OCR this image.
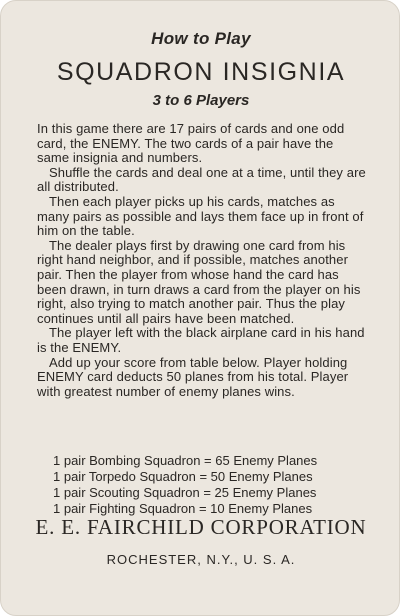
How to Play
SQUADRON INSIGNIA
3 to 6 Players

In this game there are 17 pairs of cards and one odd card, the ENEMY. The two cards of a pair have the same insignia and numbers.

Shuffle the cards and deal one at a time, until they are all distributed.

Then each player picks up his cards, matches as many pairs as possible and lays them face up in front of him on the table.

The dealer plays first by drawing one card from his right hand neighbor, and if possible, matches another pair. Then the player from whose hand the card has been drawn, in turn draws a card from the player on his right, also trying to match another pair. Thus the play continues until all pairs have been matched.

The player left with the black airplane card in his hand is the ENEMY.

Add up your score from table below. Player holding ENEMY card deducts 50 planes from his total. Player with greatest number of enemy planes wins.

1 pair Bombing Squadron = 65 Enemy Planes
1 pair Torpedo Squadron = 50 Enemy Planes
1 pair Scouting Squadron = 25 Enemy Planes
1 pair Fighting Squadron = 10 Enemy Planes
E. E. FAIRCHILD CORPORATION
ROCHESTER, N.Y., U. S. A.
